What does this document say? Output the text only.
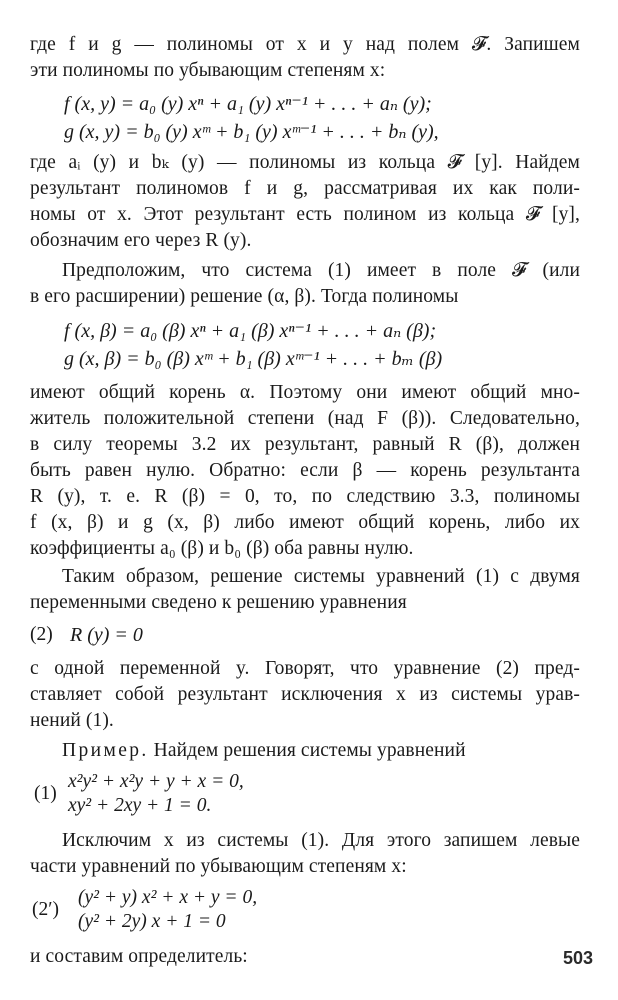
где f и g — полиномы от x и y над полем 𝓕. Запишем
эти полиномы по убывающим степеням x:
f (x, y) = a₀ (y) xⁿ + a₁ (y) xⁿ⁻¹ + . . . + aₙ (y);
g (x, y) = b₀ (y) xᵐ + b₁ (y) xᵐ⁻¹ + . . . + bₙ (y),
где aᵢ (y) и bₖ (y) — полиномы из кольца 𝓕 [y]. Найдем
результант полиномов f и g, рассматривая их как поли-
номы от x. Этот результант есть полином из кольца 𝓕 [y],
обозначим его через R (y).
Предположим, что система (1) имеет в поле 𝓕 (или
в его расширении) решение (α, β). Тогда полиномы
f (x, β) = a₀ (β) xⁿ + a₁ (β) xⁿ⁻¹ + . . . + aₙ (β);
g (x, β) = b₀ (β) xᵐ + b₁ (β) xᵐ⁻¹ + . . . + bₘ (β)
имеют общий корень α. Поэтому они имеют общий мно-
житель положительной степени (над F (β)). Следовательно,
в силу теоремы 3.2 их результант, равный R (β), должен
быть равен нулю. Обратно: если β — корень результанта
R (y), т. е. R (β) = 0, то, по следствию 3.3, полиномы
f (x, β) и g (x, β) либо имеют общий корень, либо их
коэффициенты a₀ (β) и b₀ (β) оба равны нулю.
Таким образом, решение системы уравнений (1) с двумя
переменными сведено к решению уравнения
(2) R (y) = 0
с одной переменной y. Говорят, что уравнение (2) пред-
ставляет собой результант исключения x из системы урав-
нений (1).
Пример. Найдем решения системы уравнений
(1)
x²y² + x²y + y + x = 0,
xy² + 2xy + 1 = 0.
Исключим x из системы (1). Для этого запишем левые
части уравнений по убывающим степеням x:
(2′)
(y² + y) x² + x + y = 0,
(y² + 2y) x + 1 = 0
и составим определитель:	503
